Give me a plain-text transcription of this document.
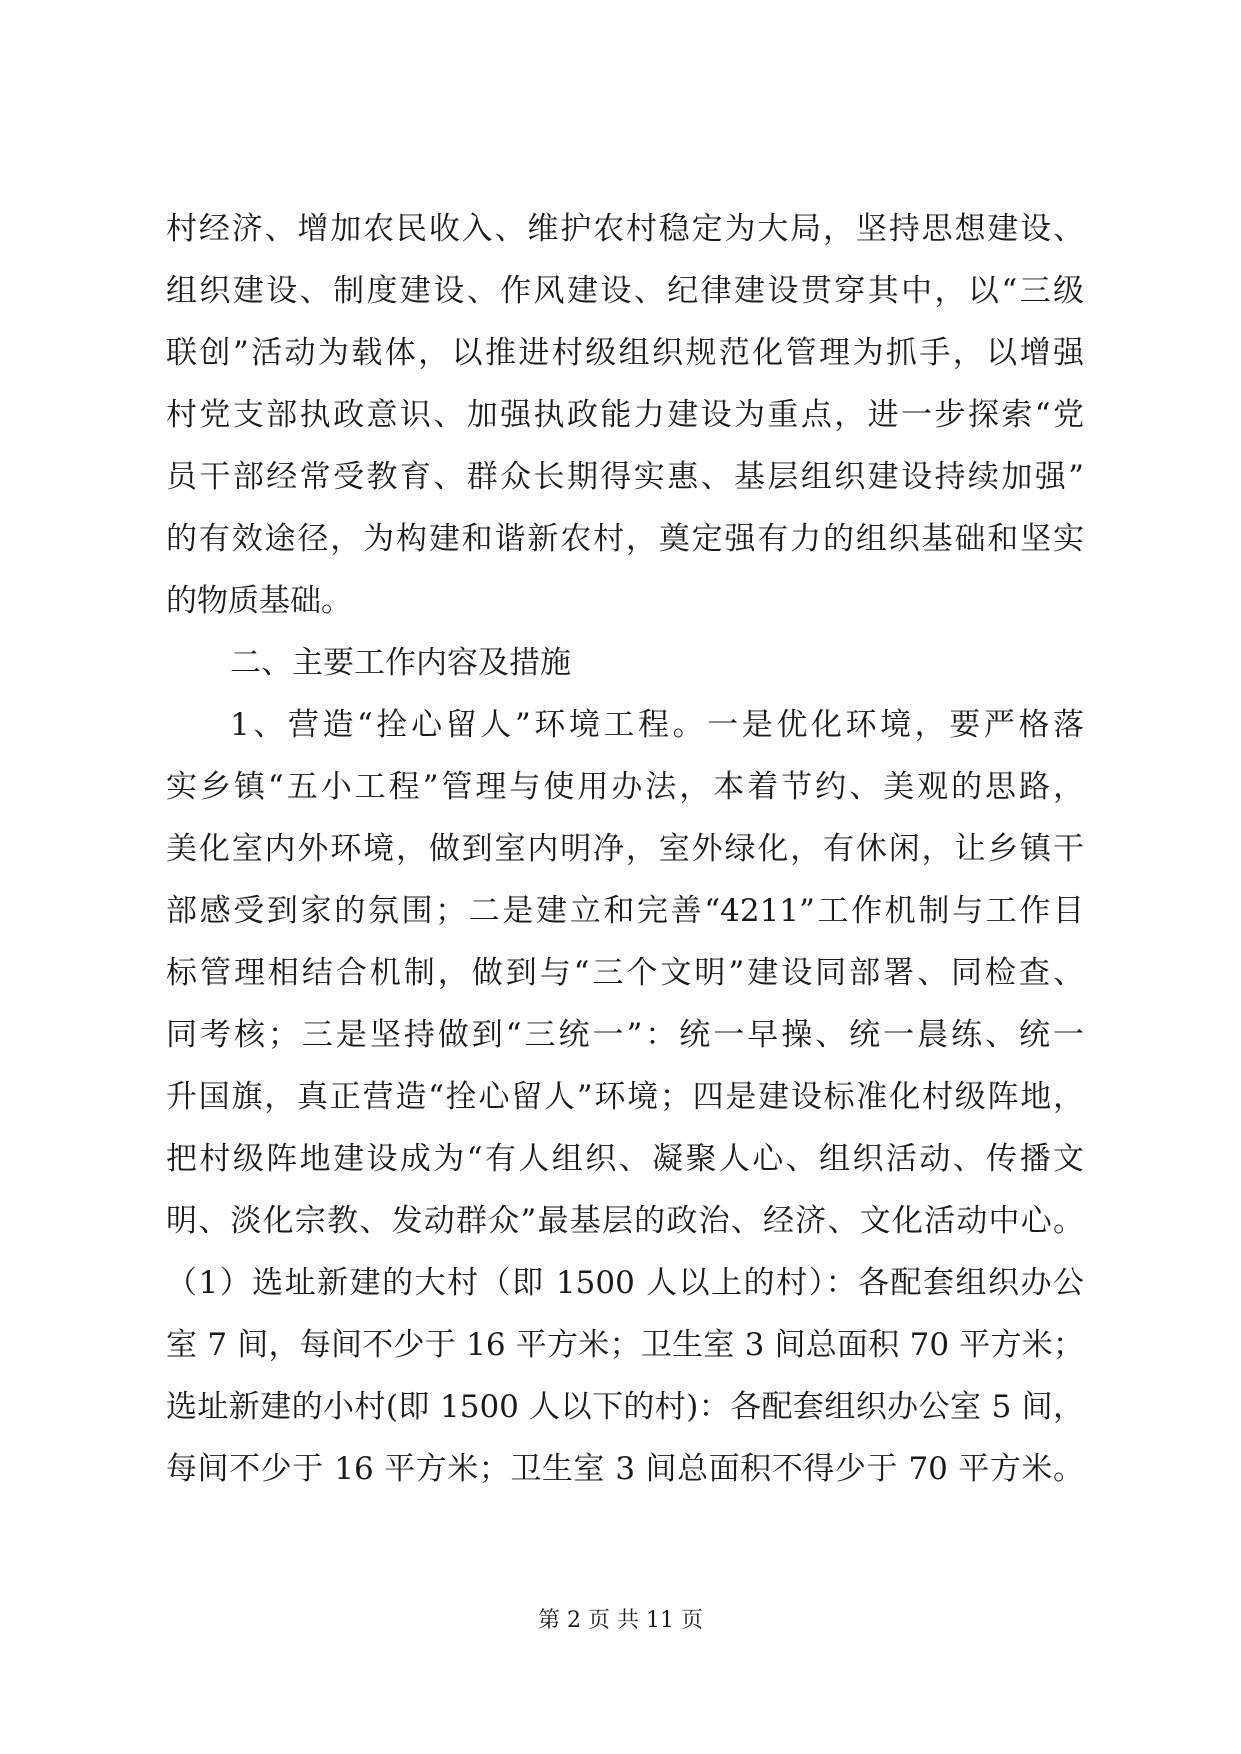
村经济、增加农民收入、维护农村稳定为大局，坚持思想建设、
组织建设、制度建设、作风建设、纪律建设贯穿其中，以“三级
联创”活动为载体，以推进村级组织规范化管理为抓手，以增强
村党支部执政意识、加强执政能力建设为重点，进一步探索“党
员干部经常受教育、群众长期得实惠、基层组织建设持续加强”
的有效途径，为构建和谐新农村，奠定强有力的组织基础和坚实
的物质基础。
二、主要工作内容及措施
1、营造“拴心留人”环境工程。一是优化环境，要严格落
实乡镇“五小工程”管理与使用办法，本着节约、美观的思路，
美化室内外环境，做到室内明净，室外绿化，有休闲，让乡镇干
部感受到家的氛围；二是建立和完善“4211”工作机制与工作目
标管理相结合机制，做到与“三个文明”建设同部署、同检查、
同考核；三是坚持做到“三统一”：统一早操、统一晨练、统一
升国旗，真正营造“拴心留人”环境；四是建设标准化村级阵地，
把村级阵地建设成为“有人组织、凝聚人心、组织活动、传播文
明、淡化宗教、发动群众”最基层的政治、经济、文化活动中心。
（1）选址新建的大村（即 1500 人以上的村）：各配套组织办公
室 7 间，每间不少于 16 平方米；卫生室 3 间总面积 70 平方米；
选址新建的小村(即 1500 人以下的村)：各配套组织办公室 5 间，
每间不少于 16 平方米；卫生室 3 间总面积不得少于 70 平方米。
第 2 页 共 11 页
